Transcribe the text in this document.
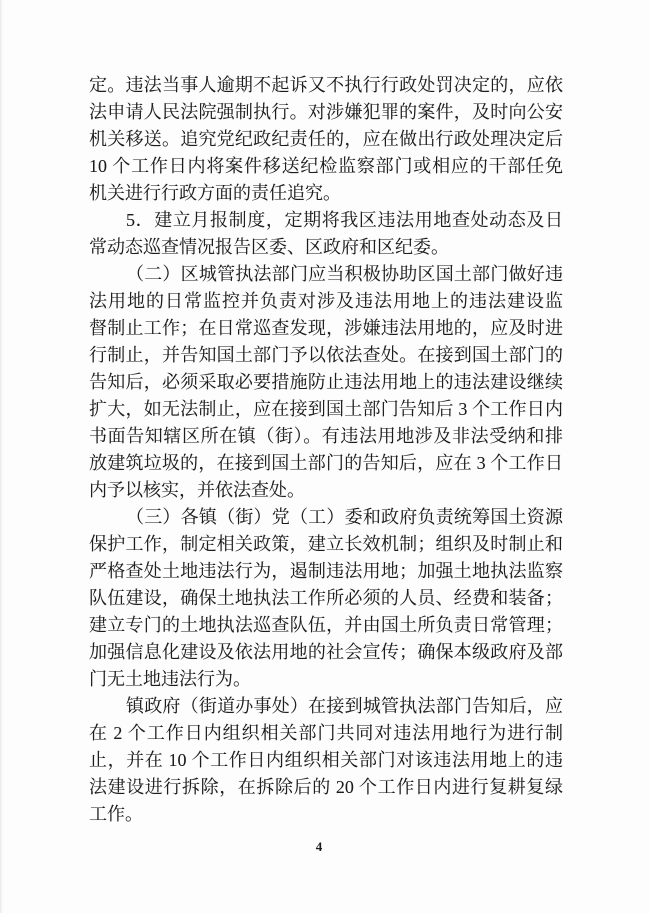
定。违法当事人逾期不起诉又不执行行政处罚决定的，应依
法申请人民法院强制执行。对涉嫌犯罪的案件，及时向公安
机关移送。追究党纪政纪责任的，应在做出行政处理决定后
10 个工作日内将案件移送纪检监察部门或相应的干部任免
机关进行行政方面的责任追究。
5．建立月报制度，定期将我区违法用地查处动态及日
常动态巡查情况报告区委、区政府和区纪委。
（二）区城管执法部门应当积极协助区国土部门做好违
法用地的日常监控并负责对涉及违法用地上的违法建设监
督制止工作；在日常巡查发现，涉嫌违法用地的，应及时进
行制止，并告知国土部门予以依法查处。在接到国土部门的
告知后，必须采取必要措施防止违法用地上的违法建设继续
扩大，如无法制止，应在接到国土部门告知后 3 个工作日内
书面告知辖区所在镇（街）。有违法用地涉及非法受纳和排
放建筑垃圾的，在接到国土部门的告知后，应在 3 个工作日
内予以核实，并依法查处。
（三）各镇（街）党（工）委和政府负责统筹国土资源
保护工作，制定相关政策，建立长效机制；组织及时制止和
严格查处土地违法行为，遏制违法用地；加强土地执法监察
队伍建设，确保土地执法工作所必须的人员、经费和装备；
建立专门的土地执法巡查队伍，并由国土所负责日常管理；
加强信息化建设及依法用地的社会宣传；确保本级政府及部
门无土地违法行为。
镇政府（街道办事处）在接到城管执法部门告知后，应
在 2 个工作日内组织相关部门共同对违法用地行为进行制
止，并在 10 个工作日内组织相关部门对该违法用地上的违
法建设进行拆除，在拆除后的 20 个工作日内进行复耕复绿
工作。
4
